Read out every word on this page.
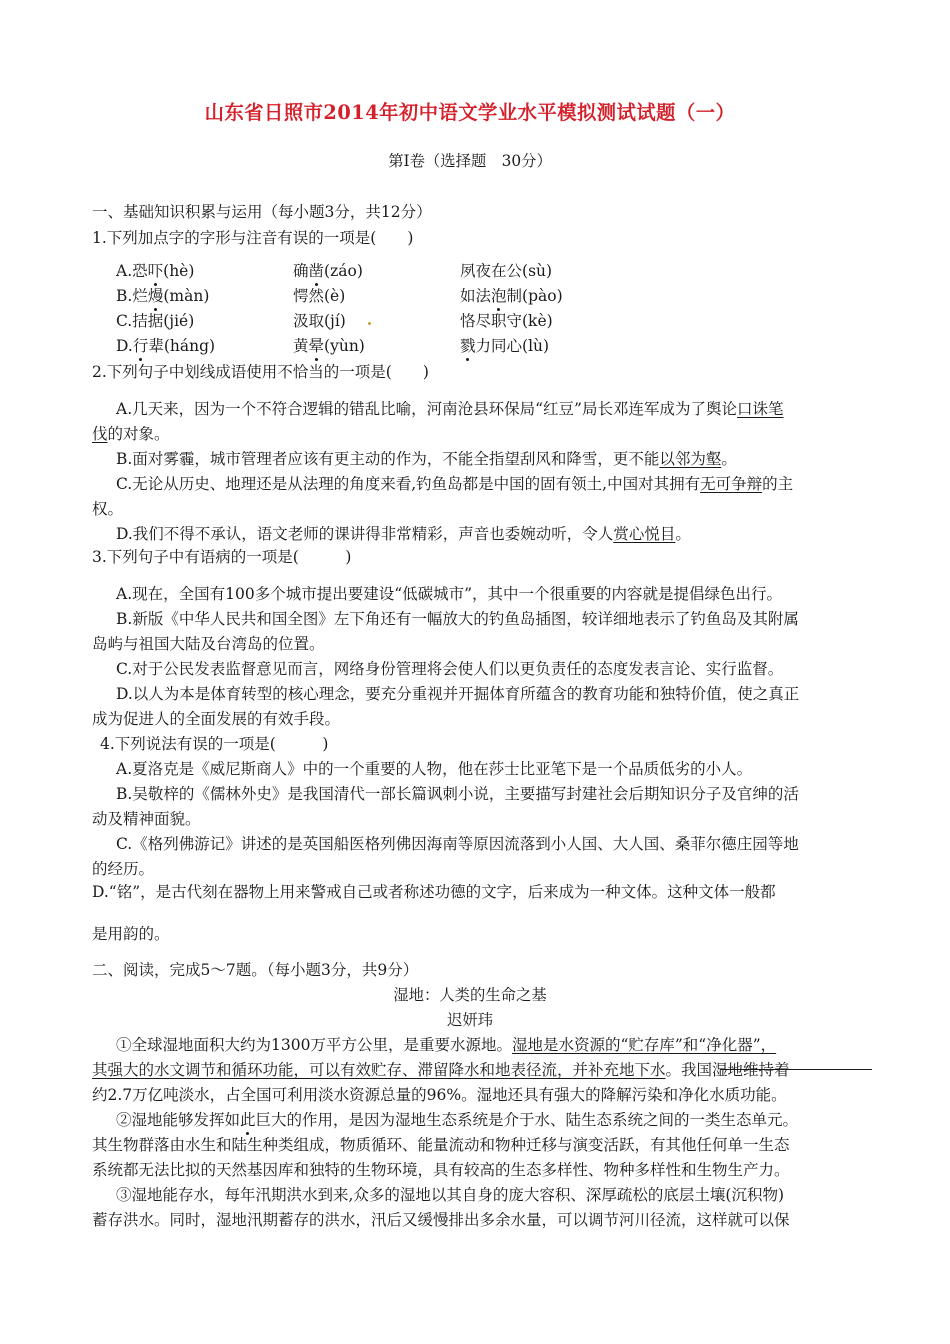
山东省日照市2014年初中语文学业水平模拟测试试题（一）
第Ⅰ卷（选择题　30分）
一、基础知识积累与运用（每小题3分，共12分）
1.下列加点字的字形与注音有误的一项是(　　)
A.恐吓(hè)	确凿(záo)	夙夜在公(sù)
B.烂熳(màn)	愕然(è)	如法泡制(pào)
C.拮据(jié)	汲取(jí)	恪尽职守(kè)
D.行辈(háng)	黄晕(yùn)	戮力同心(lù)
2.下列句子中划线成语使用不恰当的一项是(　　)
A.几天来，因为一个不符合逻辑的错乱比喻，河南沧县环保局“红豆”局长邓连军成为了舆论口诛笔
伐的对象。
B.面对雾霾，城市管理者应该有更主动的作为，不能全指望刮风和降雪，更不能以邻为壑。
C.无论从历史、地理还是从法理的角度来看,钓鱼岛都是中国的固有领土,中国对其拥有无可争辩的主
权。
D.我们不得不承认，语文老师的课讲得非常精彩，声音也委婉动听，令人赏心悦目。
3.下列句子中有语病的一项是(　　　)
A.现在，全国有100多个城市提出要建设“低碳城市”，其中一个很重要的内容就是提倡绿色出行。
B.新版《中华人民共和国全图》左下角还有一幅放大的钓鱼岛插图，较详细地表示了钓鱼岛及其附属
岛屿与祖国大陆及台湾岛的位置。
C.对于公民发表监督意见而言，网络身份管理将会使人们以更负责任的态度发表言论、实行监督。
D.以人为本是体育转型的核心理念，要充分重视并开掘体育所蕴含的教育功能和独特价值，使之真正
成为促进人的全面发展的有效手段。
4.下列说法有误的一项是(　　　)
A.夏洛克是《威尼斯商人》中的一个重要的人物，他在莎士比亚笔下是一个品质低劣的小人。
B.吴敬梓的《儒林外史》是我国清代一部长篇讽刺小说，主要描写封建社会后期知识分子及官绅的活
动及精神面貌。
C.《格列佛游记》讲述的是英国船医格列佛因海南等原因流落到小人国、大人国、桑菲尔德庄园等地
的经历。
D.“铭”，是古代刻在器物上用来警戒自己或者称述功德的文字，后来成为一种文体。这种文体一般都
是用韵的。
二、阅读，完成5～7题。（每小题3分，共9分）
湿地：人类的生命之基
迟妍玮
①全球湿地面积大约为1300万平方公里，是重要水源地。湿地是水资源的“贮存库”和“净化器”，
其强大的水文调节和循环功能，可以有效贮存、滞留降水和地表径流，并补充地下水。我国湿地维持着
约2.7万亿吨淡水，占全国可利用淡水资源总量的96%。湿地还具有强大的降解污染和净化水质功能。
②湿地能够发挥如此巨大的作用，是因为湿地生态系统是介于水、陆生态系统之间的一类生态单元。
其生物群落由水生和陆生种类组成，物质循环、能量流动和物种迁移与演变活跃，有其他任何单一生态
系统都无法比拟的天然基因库和独特的生物环境，具有较高的生态多样性、物种多样性和生物生产力。
③湿地能存水，每年汛期洪水到来,众多的湿地以其自身的庞大容积、深厚疏松的底层土壤(沉积物)
蓄存洪水。同时，湿地汛期蓄存的洪水，汛后又缓慢排出多余水量，可以调节河川径流，这样就可以保
